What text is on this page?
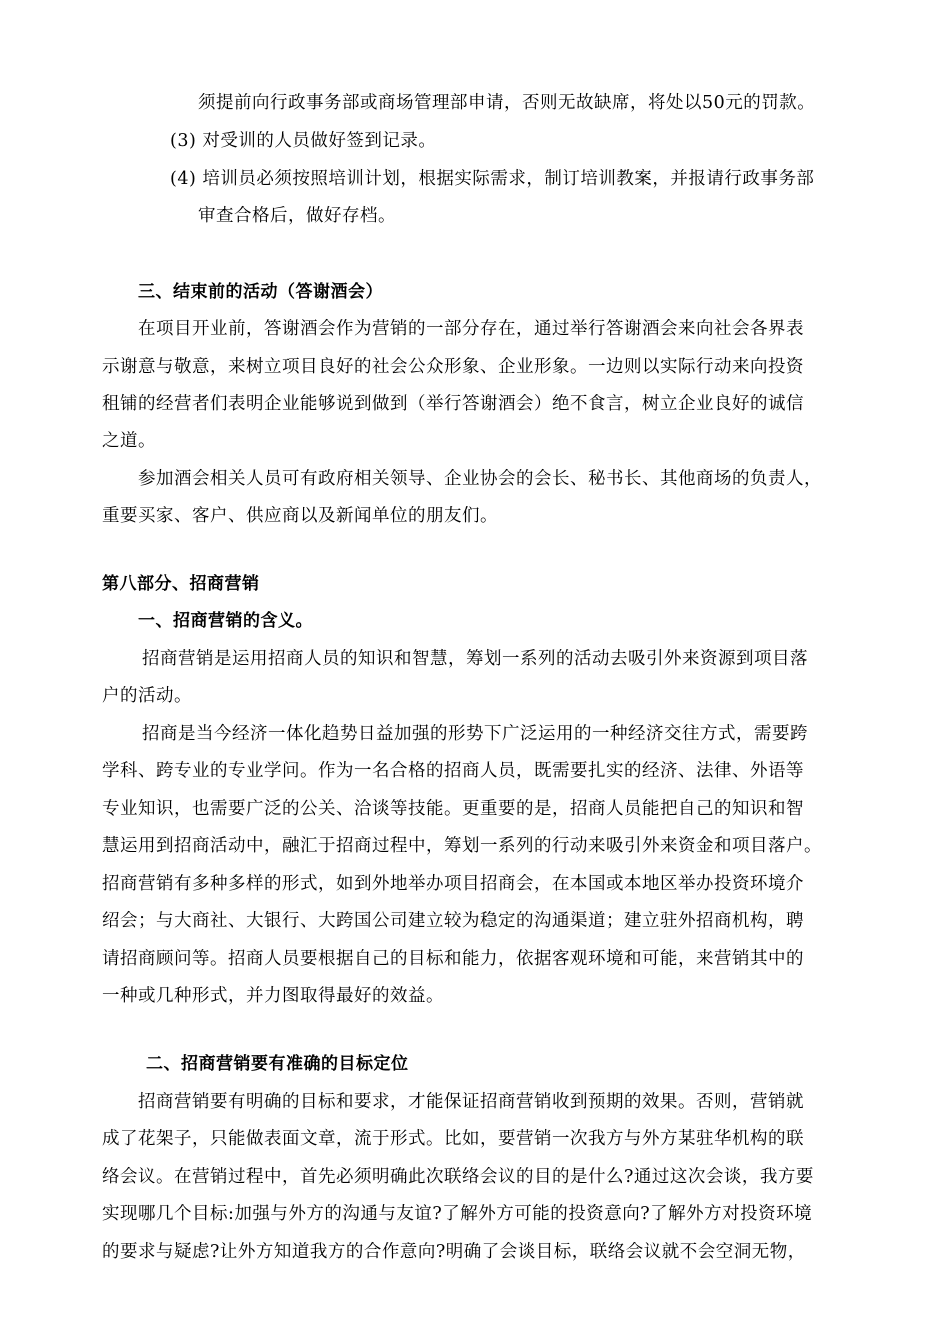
须提前向行政事务部或商场管理部申请，否则无故缺席，将处以50元的罚款。
(3) 对受训的人员做好签到记录。
(4) 培训员必须按照培训计划，根据实际需求，制订培训教案，并报请行政事务部
审查合格后，做好存档。
三、结束前的活动（答谢酒会）
在项目开业前，答谢酒会作为营销的一部分存在，通过举行答谢酒会来向社会各界表
示谢意与敬意，来树立项目良好的社会公众形象、企业形象。一边则以实际行动来向投资
租铺的经营者们表明企业能够说到做到（举行答谢酒会）绝不食言，树立企业良好的诚信
之道。
参加酒会相关人员可有政府相关领导、企业协会的会长、秘书长、其他商场的负责人，
重要买家、客户、供应商以及新闻单位的朋友们。
第八部分、招商营销
一、招商营销的含义。
招商营销是运用招商人员的知识和智慧，筹划一系列的活动去吸引外来资源到项目落
户的活动。
招商是当今经济一体化趋势日益加强的形势下广泛运用的一种经济交往方式，需要跨
学科、跨专业的专业学问。作为一名合格的招商人员，既需要扎实的经济、法律、外语等
专业知识，也需要广泛的公关、洽谈等技能。更重要的是，招商人员能把自己的知识和智
慧运用到招商活动中，融汇于招商过程中，筹划一系列的行动来吸引外来资金和项目落户。
招商营销有多种多样的形式，如到外地举办项目招商会，在本国或本地区举办投资环境介
绍会；与大商社、大银行、大跨国公司建立较为稳定的沟通渠道；建立驻外招商机构，聘
请招商顾问等。招商人员要根据自己的目标和能力，依据客观环境和可能，来营销其中的
一种或几种形式，并力图取得最好的效益。
二、招商营销要有准确的目标定位
招商营销要有明确的目标和要求，才能保证招商营销收到预期的效果。否则，营销就
成了花架子，只能做表面文章，流于形式。比如，要营销一次我方与外方某驻华机构的联
络会议。在营销过程中，首先必须明确此次联络会议的目的是什么?通过这次会谈，我方要
实现哪几个目标:加强与外方的沟通与友谊?了解外方可能的投资意向?了解外方对投资环境
的要求与疑虑?让外方知道我方的合作意向?明确了会谈目标，联络会议就不会空洞无物，
